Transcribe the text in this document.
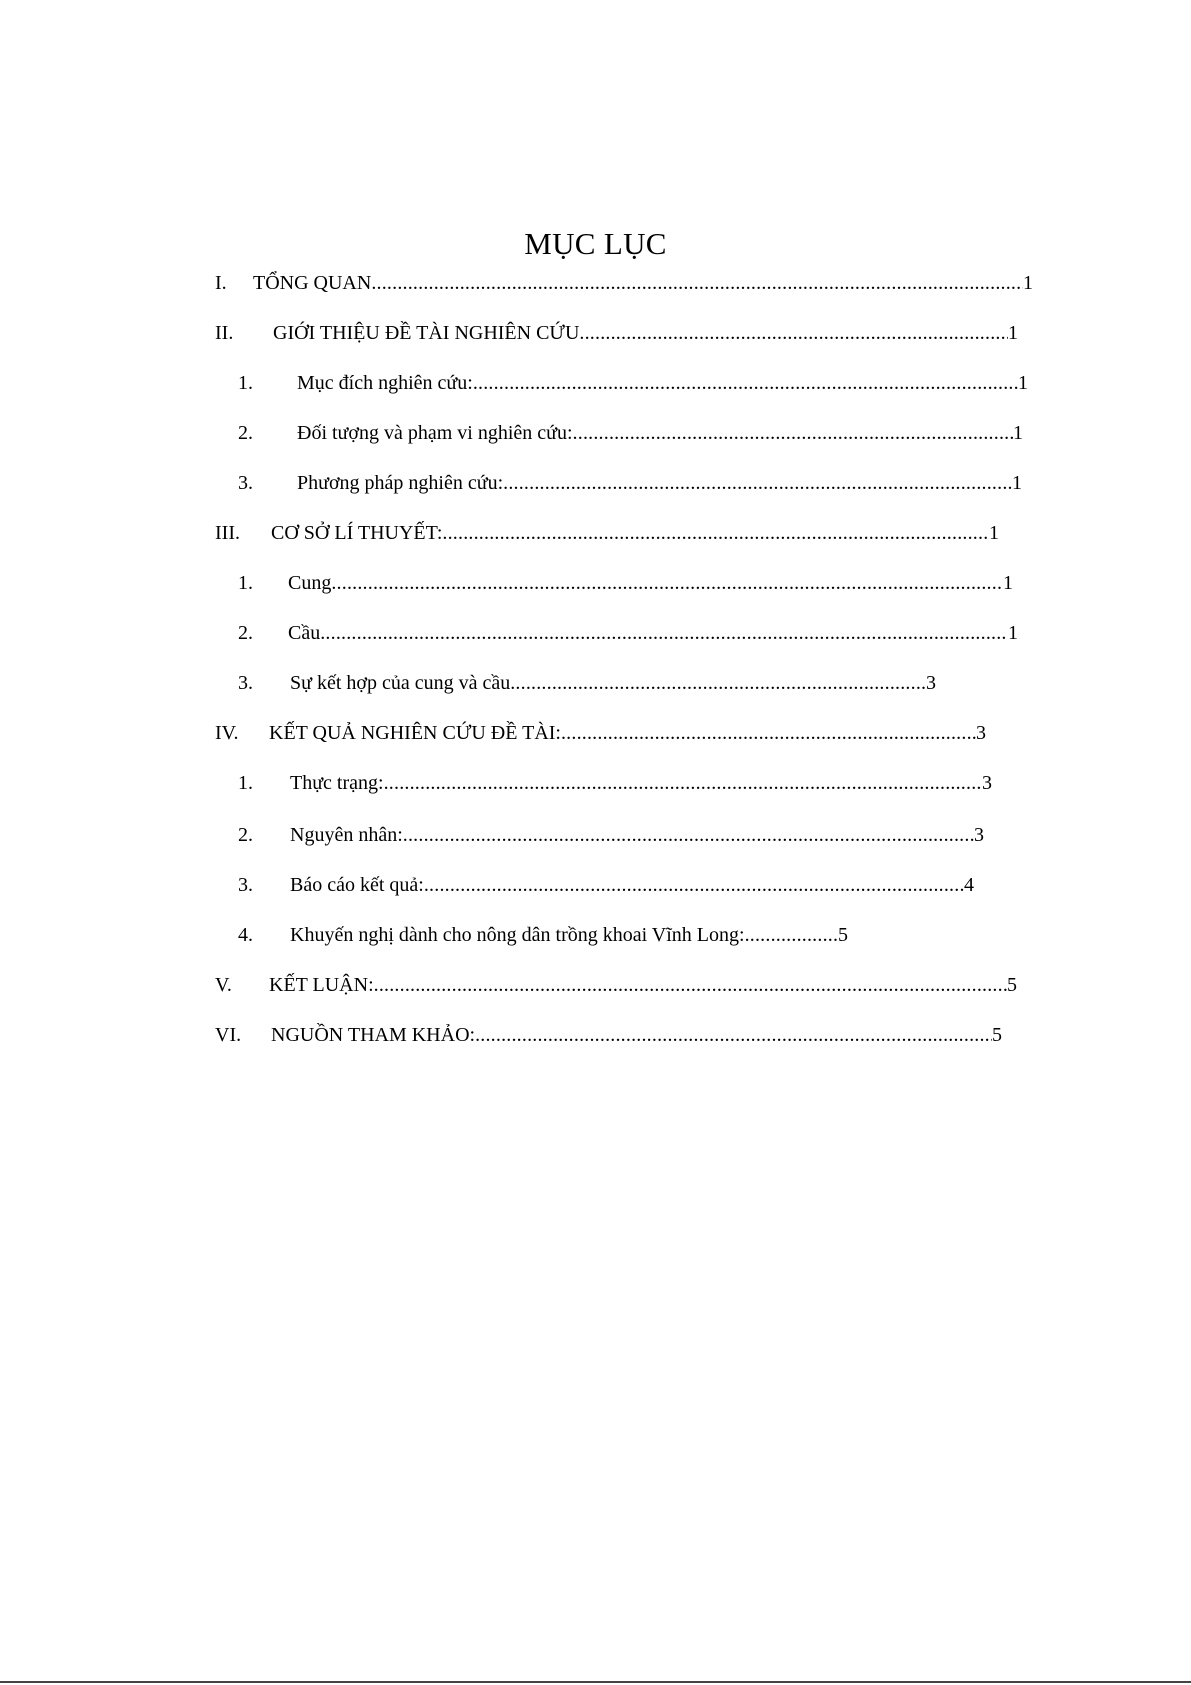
MỤC LỤC
I. TỔNG QUAN .....	1
II. GIỚI THIỆU ĐỀ TÀI NGHIÊN CỨU .....	1
1. Mục đích nghiên cứu: .....	1
2. Đối tượng và phạm vi nghiên cứu: .....	1
3. Phương pháp nghiên cứu: .....	1
III. CƠ SỞ LÍ THUYẾT: .....	1
1. Cung .....	1
2. Cầu .....	1
3. Sự kết hợp của cung và cầu .....	3
IV. KẾT QUẢ NGHIÊN CỨU ĐỀ TÀI: .....	3
1. Thực trạng: .....	3
2. Nguyên nhân: .....	3
3. Báo cáo kết quả: .....	4
4. Khuyến nghị dành cho nông dân trồng khoai Vĩnh Long: .....	5
V. KẾT LUẬN: .....	5
VI. NGUỒN THAM KHẢO: .....	5
